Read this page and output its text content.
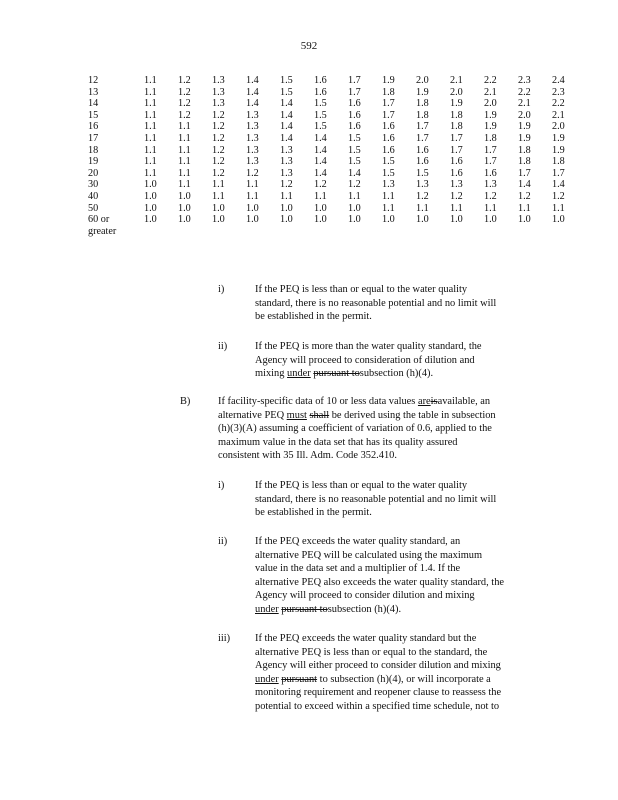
592
12	1.1	1.2	1.3	1.4	1.5	1.6	1.7	1.9	2.0	2.1	2.2	2.3	2.4
13	1.1	1.2	1.3	1.4	1.5	1.6	1.7	1.8	1.9	2.0	2.1	2.2	2.3
14	1.1	1.2	1.3	1.4	1.4	1.5	1.6	1.7	1.8	1.9	2.0	2.1	2.2
15	1.1	1.2	1.2	1.3	1.4	1.5	1.6	1.7	1.8	1.8	1.9	2.0	2.1
16	1.1	1.1	1.2	1.3	1.4	1.5	1.6	1.6	1.7	1.8	1.9	1.9	2.0
17	1.1	1.1	1.2	1.3	1.4	1.4	1.5	1.6	1.7	1.7	1.8	1.9	1.9
18	1.1	1.1	1.2	1.3	1.3	1.4	1.5	1.6	1.6	1.7	1.7	1.8	1.9
19	1.1	1.1	1.2	1.3	1.3	1.4	1.5	1.5	1.6	1.6	1.7	1.8	1.8
20	1.1	1.1	1.2	1.2	1.3	1.4	1.4	1.5	1.5	1.6	1.6	1.7	1.7
30	1.0	1.1	1.1	1.1	1.2	1.2	1.2	1.3	1.3	1.3	1.3	1.4	1.4
40	1.0	1.0	1.1	1.1	1.1	1.1	1.1	1.1	1.2	1.2	1.2	1.2	1.2
50	1.0	1.0	1.0	1.0	1.0	1.0	1.0	1.1	1.1	1.1	1.1	1.1	1.1
60 or	1.0	1.0	1.0	1.0	1.0	1.0	1.0	1.0	1.0	1.0	1.0	1.0	1.0
greater													
i)	If the PEQ is less than or equal to the water quality
standard, there is no reasonable potential and no limit will
be established in the permit.
ii)	If the PEQ is more than the water quality standard, the
Agency will proceed to consideration of dilution and
mixing under pursuant tosubsection (h)(4).
B)	If facility-specific data of 10 or less data values areisavailable, an
alternative PEQ must shall be derived using the table in subsection
(h)(3)(A) assuming a coefficient of variation of 0.6, applied to the
maximum value in the data set that has its quality assured
consistent with 35 Ill. Adm. Code 352.410.
i)	If the PEQ is less than or equal to the water quality
standard, there is no reasonable potential and no limit will
be established in the permit.
ii)	If the PEQ exceeds the water quality standard, an
alternative PEQ will be calculated using the maximum
value in the data set and a multiplier of 1.4. If the
alternative PEQ also exceeds the water quality standard, the
Agency will proceed to consider dilution and mixing
under pursuant tosubsection (h)(4).
iii) If the PEQ exceeds the water quality standard but the
alternative PEQ is less than or equal to the standard, the
Agency will either proceed to consider dilution and mixing
under pursuant to subsection (h)(4), or will incorporate a
monitoring requirement and reopener clause to reassess the
potential to exceed within a specified time schedule, not to
